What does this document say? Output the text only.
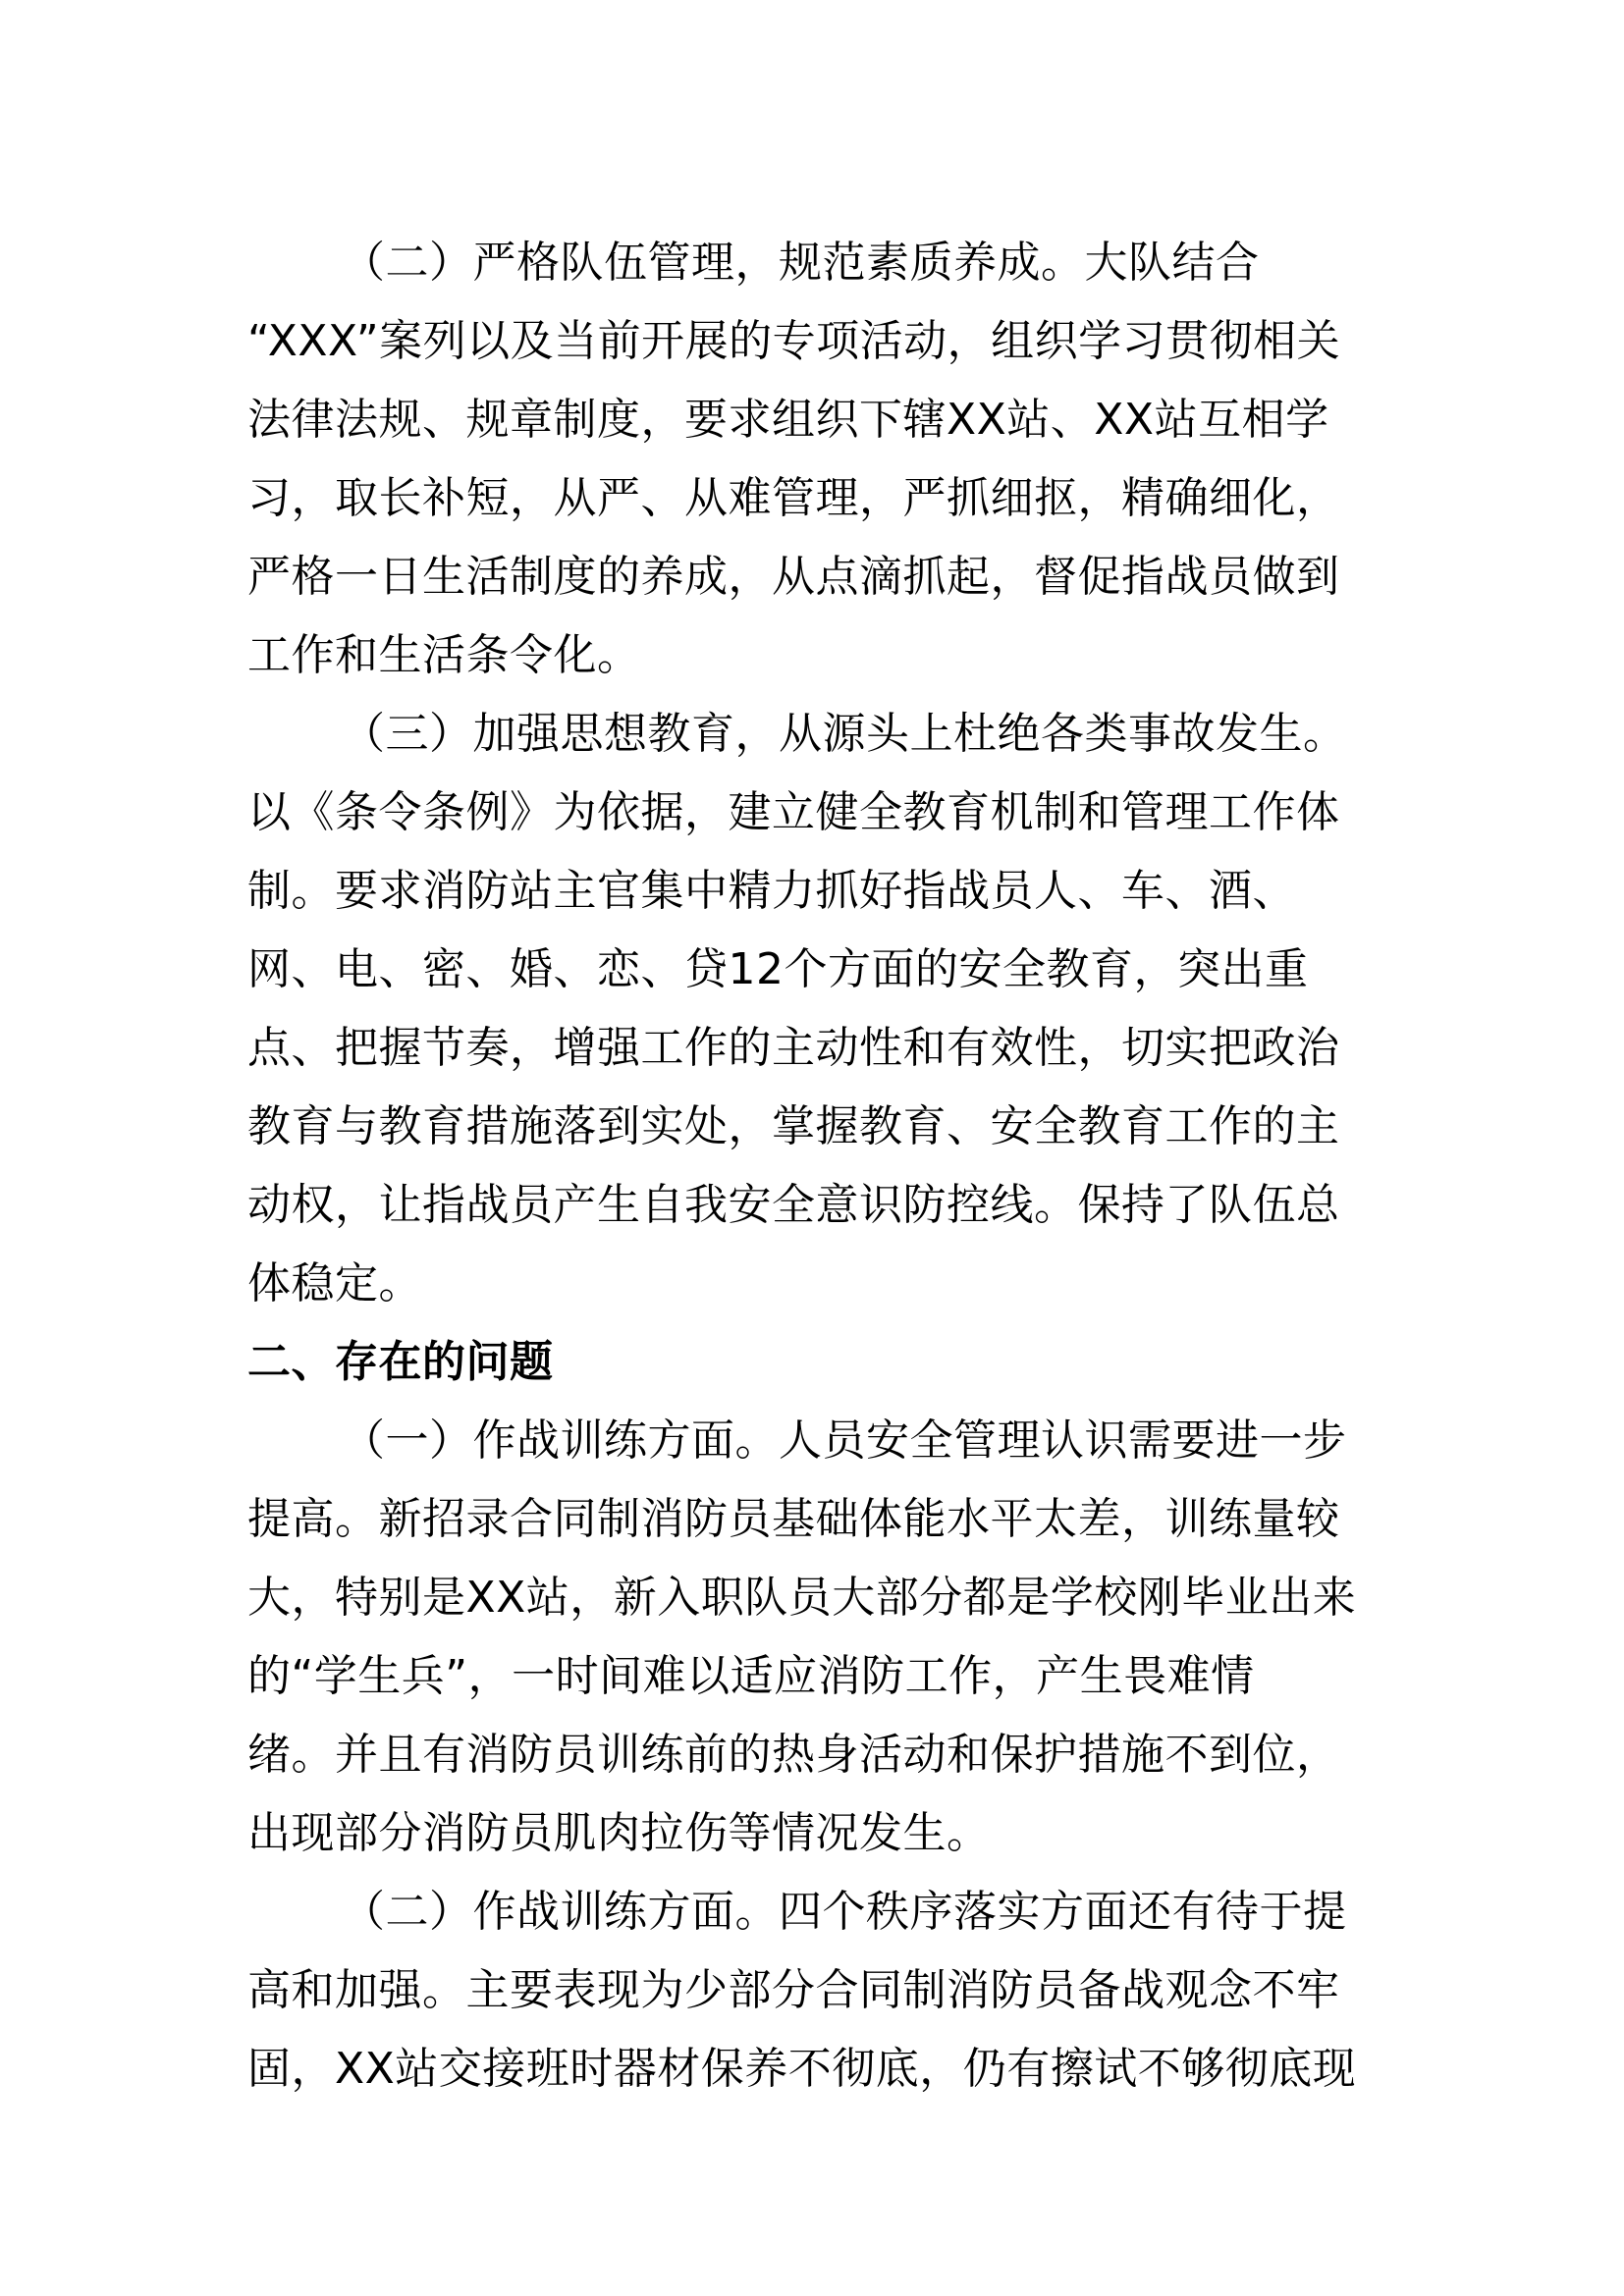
（二）严格队伍管理，规范素质养成。大队结合
“XXX”案列以及当前开展的专项活动，组织学习贯彻相关
法律法规、规章制度，要求组织下辖XX站、XX站互相学
习，取长补短，从严、从难管理，严抓细抠，精确细化，
严格一日生活制度的养成，从点滴抓起，督促指战员做到
工作和生活条令化。
（三）加强思想教育，从源头上杜绝各类事故发生。
以《条令条例》为依据，建立健全教育机制和管理工作体
制。要求消防站主官集中精力抓好指战员人、车、酒、
网、电、密、婚、恋、贷12个方面的安全教育，突出重
点、把握节奏，增强工作的主动性和有效性，切实把政治
教育与教育措施落到实处，掌握教育、安全教育工作的主
动权，让指战员产生自我安全意识防控线。保持了队伍总
体稳定。
二、存在的问题
（一）作战训练方面。人员安全管理认识需要进一步
提高。新招录合同制消防员基础体能水平太差，训练量较
大，特别是XX站，新入职队员大部分都是学校刚毕业出来
的“学生兵”，一时间难以适应消防工作，产生畏难情
绪。并且有消防员训练前的热身活动和保护措施不到位，
出现部分消防员肌肉拉伤等情况发生。
（二）作战训练方面。四个秩序落实方面还有待于提
高和加强。主要表现为少部分合同制消防员备战观念不牢
固，XX站交接班时器材保养不彻底，仍有擦试不够彻底现
